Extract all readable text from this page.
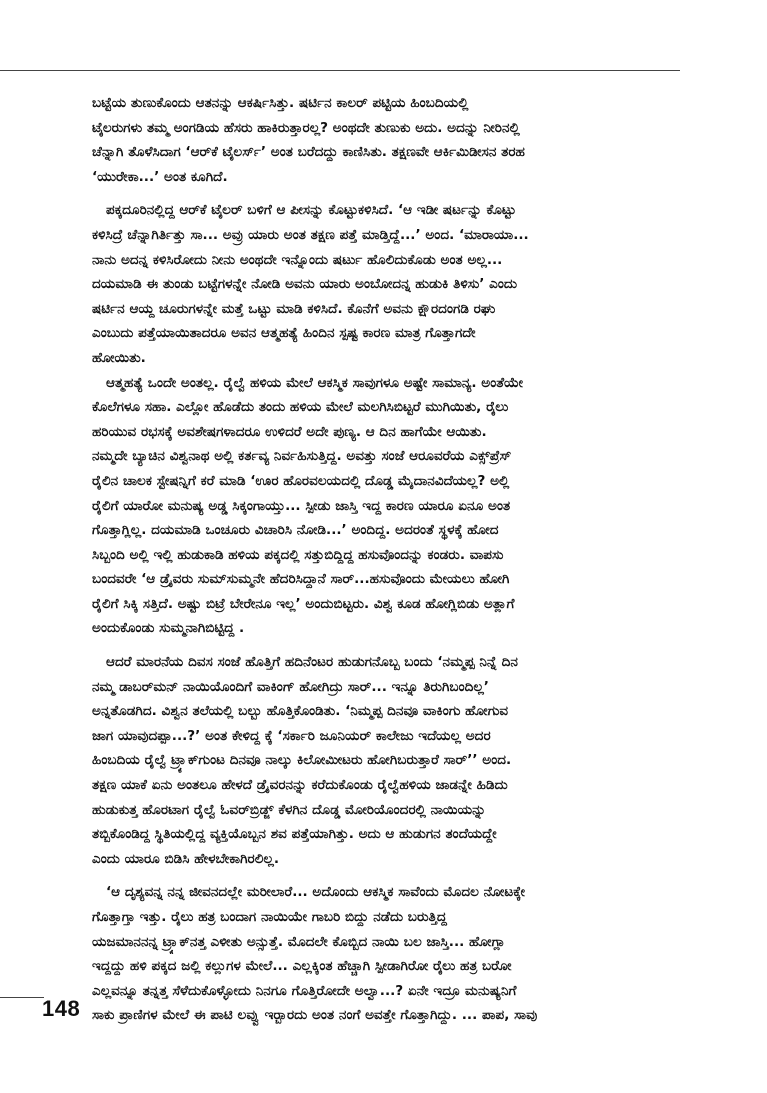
ಬಟ್ಟೆಯ ತುಣುಕೊಂದು ಆತನನ್ನು ಆಕರ್ಷಿಸಿತ್ತು. ಷರ್ಟಿನ ಕಾಲರ್ ಪಟ್ಟಿಯ ಹಿಂಬದಿಯಲ್ಲಿ
ಟೈಲರುಗಳು ತಮ್ಮ ಅಂಗಡಿಯ ಹೆಸರು ಹಾಕಿರುತ್ತಾರಲ್ಲ? ಅಂಥದೇ ತುಣುಕು ಅದು. ಅದನ್ನು ನೀರಿನಲ್ಲಿ
ಚೆನ್ನಾಗಿ ತೊಳೆಸಿದಾಗ ‘ಆರ್‌ಕೆ ಟೈಲರ್ಸ್’ ಅಂತ ಬರೆದದ್ದು ಕಾಣಿಸಿತು. ತಕ್ಷಣವೇ ಆರ್ಕಿಮಿಡೀಸನ ತರಹ
‘ಯುರೇಕಾ...’ ಅಂತ ಕೂಗಿದೆ.
ಪಕ್ಕದೂರಿನಲ್ಲಿದ್ದ ಆರ್‌ಕೆ ಟೈಲರ್ ಬಳಿಗೆ ಆ ಪೀಸನ್ನು ಕೊಟ್ಟುಕಳಿಸಿದೆ. ‘ಆ ಇಡೀ ಷರ್ಟನ್ನು ಕೊಟ್ಟು
ಕಳಿಸಿದ್ರೆ ಚೆನ್ನಾಗಿರ್ತಿತ್ತು ಸಾ... ಅವ್ರು ಯಾರು ಅಂತ ತಕ್ಷಣ ಪತ್ತೆ ಮಾಡ್ತಿದ್ದೆ...’ ಅಂದ. ‘ಮಾರಾಯಾ...
ನಾನು ಅದನ್ನ ಕಳಿಸಿರೋದು ನೀನು ಅಂಥದೇ ಇನ್ನೊಂದು ಷರ್ಟು ಹೊಲಿದುಕೊಡು ಅಂತ ಅಲ್ಲ...
ದಯಮಾಡಿ ಈ ತುಂಡು ಬಟ್ಟೆಗಳನ್ನೇ ನೋಡಿ ಅವನು ಯಾರು ಅಂಬೋದನ್ನ ಹುಡುಕಿ ತಿಳಿಸು’ ಎಂದು
ಷರ್ಟಿನ ಆಯ್ದ ಚೂರುಗಳನ್ನೇ ಮತ್ತೆ ಒಟ್ಟು ಮಾಡಿ ಕಳಿಸಿದೆ. ಕೊನೆಗೆ ಅವನು ಕ್ಷೌರದಂಗಡಿ ರಘು
ಎಂಬುದು ಪತ್ತೆಯಾಯಿತಾದರೂ ಅವನ ಆತ್ಮಹತ್ಯೆ ಹಿಂದಿನ ಸ್ಪಷ್ಟ ಕಾರಣ ಮಾತ್ರ ಗೊತ್ತಾಗದೇ
ಹೋಯಿತು.
ಆತ್ಮಹತ್ಯೆ ಒಂದೇ ಅಂತಲ್ಲ. ರೈಲ್ವೆ ಹಳಿಯ ಮೇಲೆ ಆಕಸ್ಮಿಕ ಸಾವುಗಳೂ ಅಷ್ಟೇ ಸಾಮಾನ್ಯ. ಅಂತೆಯೇ
ಕೊಲೆಗಳೂ ಸಹಾ. ಎಲ್ಲೋ ಹೊಡೆದು ತಂದು ಹಳಿಯ ಮೇಲೆ ಮಲಗಿಸಿಬಿಟ್ಟರೆ ಮುಗಿಯಿತು, ರೈಲು
ಹರಿಯುವ ರಭಸಕ್ಕೆ ಅವಶೇಷಗಳಾದರೂ ಉಳಿದರೆ ಅದೇ ಪುಣ್ಯ. ಆ ದಿನ ಹಾಗೆಯೇ ಆಯಿತು.
ನಮ್ಮದೇ ಬ್ಯಾಚಿನ ವಿಶ್ವನಾಥ ಅಲ್ಲಿ ಕರ್ತವ್ಯ ನಿರ್ವಹಿಸುತ್ತಿದ್ದ. ಅವತ್ತು ಸಂಜೆ ಆರೂವರೆಯ ಎಕ್ಸ್‌ಪ್ರೆಸ್
ರೈಲಿನ ಚಾಲಕ ಸ್ಟೇಷನ್ನಿಗೆ ಕರೆ ಮಾಡಿ ‘ಊರ ಹೊರವಲಯದಲ್ಲಿ ದೊಡ್ಡ ಮೈದಾನವಿದೆಯಲ್ಲ? ಅಲ್ಲಿ
ರೈಲಿಗೆ ಯಾರೋ ಮನುಷ್ಯ ಅಡ್ಡ ಸಿಕ್ಕಂಗಾಯ್ತು... ಸ್ಪೀಡು ಜಾಸ್ತಿ ಇದ್ದ ಕಾರಣ ಯಾರೂ ಏನೂ ಅಂತ
ಗೊತ್ತಾಗ್ಲಿಲ್ಲ. ದಯಮಾಡಿ ಒಂಚೂರು ವಿಚಾರಿಸಿ ನೋಡಿ...’ ಅಂದಿದ್ದ. ಅದರಂತೆ ಸ್ಥಳಕ್ಕೆ ಹೋದ
ಸಿಬ್ಬಂದಿ ಅಲ್ಲಿ ಇಲ್ಲಿ ಹುಡುಕಾಡಿ ಹಳಿಯ ಪಕ್ಕದಲ್ಲಿ ಸತ್ತುಬಿದ್ದಿದ್ದ ಹಸುವೊಂದನ್ನು ಕಂಡರು. ವಾಪಸು
ಬಂದವರೇ ‘ಆ ಡ್ರೈವರು ಸುಮ್‌ಸುಮ್ಮನೇ ಹೆದರಿಸಿದ್ದಾನೆ ಸಾರ್...ಹಸುವೊಂದು ಮೇಯಲು ಹೋಗಿ
ರೈಲಿಗೆ ಸಿಕ್ಕಿ ಸತ್ತಿದೆ. ಅಷ್ಟು ಬಿಟ್ರೆ ಬೇರೇನೂ ಇಲ್ಲ’ ಅಂದುಬಿಟ್ಟರು. ವಿಶ್ವ ಕೂಡ ಹೋಗ್ಲಿಬಿಡು ಅತ್ಲಾಗೆ
ಅಂದುಕೊಂಡು ಸುಮ್ಮನಾಗಿಬಿಟ್ಟಿದ್ದ .
ಆದರೆ ಮಾರನೆಯ ದಿವಸ ಸಂಜೆ ಹೊತ್ತಿಗೆ ಹದಿನೆಂಟರ ಹುಡುಗನೊಬ್ಬ ಬಂದು ‘ನಮ್ಮಪ್ಪ ನಿನ್ನೆ ದಿನ
ನಮ್ಮ ಡಾಬರ್‌ಮನ್ ನಾಯಿಯೊಂದಿಗೆ ವಾಕಿಂಗ್ ಹೋಗಿದ್ರು ಸಾರ್... ಇನ್ನೂ ತಿರುಗಿಬಂದಿಲ್ಲ’
ಅನ್ನತೊಡಗಿದ. ವಿಶ್ವನ ತಲೆಯಲ್ಲಿ ಬಲ್ಬು ಹೊತ್ತಿಕೊಂಡಿತು. ‘ನಿಮ್ಮಪ್ಪ ದಿನವೂ ವಾಕಿಂಗು ಹೋಗುವ
ಜಾಗ ಯಾವುದಪ್ಪಾ...?’ ಅಂತ ಕೇಳಿದ್ದ ಕ್ಕೆ ‘ಸರ್ಕಾರಿ ಜೂನಿಯರ್ ಕಾಲೇಜು ಇದೆಯಲ್ಲ ಅದರ
ಹಿಂಬದಿಯ ರೈಲ್ವೆ ಟ್ರ್ಯಾಕ್‌ಗುಂಟ ದಿನವೂ ನಾಲ್ಕು ಕಿಲೋಮೀಟರು ಹೋಗಿಬರುತ್ತಾರೆ ಸಾರ್’’ ಅಂದ.
ತಕ್ಷಣ ಯಾಕೆ ಏನು ಅಂತಲೂ ಹೇಳದೆ ಡ್ರೈವರನನ್ನು ಕರೆದುಕೊಂಡು ರೈಲ್ವೆಹಳಿಯ ಜಾಡನ್ನೇ ಹಿಡಿದು
ಹುಡುಕುತ್ತ ಹೊರಟಾಗ ರೈಲ್ವೆ ಓವರ್‌ಬ್ರಿಡ್ಜ್ ಕೆಳಗಿನ ದೊಡ್ಡ ಮೋರಿಯೊಂದರಲ್ಲಿ ನಾಯಿಯನ್ನು
ತಬ್ಬಿಕೊಂಡಿದ್ದ ಸ್ಥಿತಿಯಲ್ಲಿದ್ದ ವ್ಯಕ್ತಿಯೊಬ್ಬನ ಶವ ಪತ್ತೆಯಾಗಿತ್ತು. ಅದು ಆ ಹುಡುಗನ ತಂದೆಯದ್ದೇ
ಎಂದು ಯಾರೂ ಬಿಡಿಸಿ ಹೇಳಬೇಕಾಗಿರಲಿಲ್ಲ.
‘ಆ ದೃಶ್ಯವನ್ನ ನನ್ನ ಜೀವನದಲ್ಲೇ ಮರೀಲಾರೆ... ಅದೊಂದು ಆಕಸ್ಮಿಕ ಸಾವೆಂದು ಮೊದಲ ನೋಟಕ್ಕೇ
ಗೊತ್ತಾಗ್ತಾ ಇತ್ತು. ರೈಲು ಹತ್ರ ಬಂದಾಗ ನಾಯಿಯೇ ಗಾಬರಿ ಬಿದ್ದು ನಡೆದು ಬರುತ್ತಿದ್ದ
ಯಜಮಾನನನ್ನ ಟ್ರ್ಯಾಕ್‌ನತ್ತ ಎಳೀತು ಅನ್ಸುತ್ತೆ. ಮೊದಲೇ ಕೊಬ್ಬಿದ ನಾಯಿ ಬಲ ಜಾಸ್ತಿ... ಹೋಗ್ಲಾ
ಇದ್ದದ್ದು ಹಳಿ ಪಕ್ಕದ ಜಲ್ಲಿ ಕಲ್ಲುಗಳ ಮೇಲೆ... ಎಲ್ಲಕ್ಕಿಂತ ಹೆಚ್ಚಾಗಿ ಸ್ಪೀಡಾಗಿರೋ ರೈಲು ಹತ್ರ ಬರೋ
ಎಲ್ಲವನ್ನೂ ತನ್ನತ್ತ ಸೆಳೆದುಕೊಳ್ಳೋದು ನಿನಗೂ ಗೊತ್ತಿರೋದೇ ಅಲ್ವಾ...? ಏನೇ ಇದ್ರೂ ಮನುಷ್ಯನಿಗೆ
ಸಾಕು ಪ್ರಾಣಿಗಳ ಮೇಲೆ ಈ ಪಾಟಿ ಲವ್ವು ಇರ್‍ಬಾರದು ಅಂತ ನಂಗೆ ಅವತ್ತೇ ಗೊತ್ತಾಗಿದ್ದು. ... ಪಾಪ, ಸಾವು
148
